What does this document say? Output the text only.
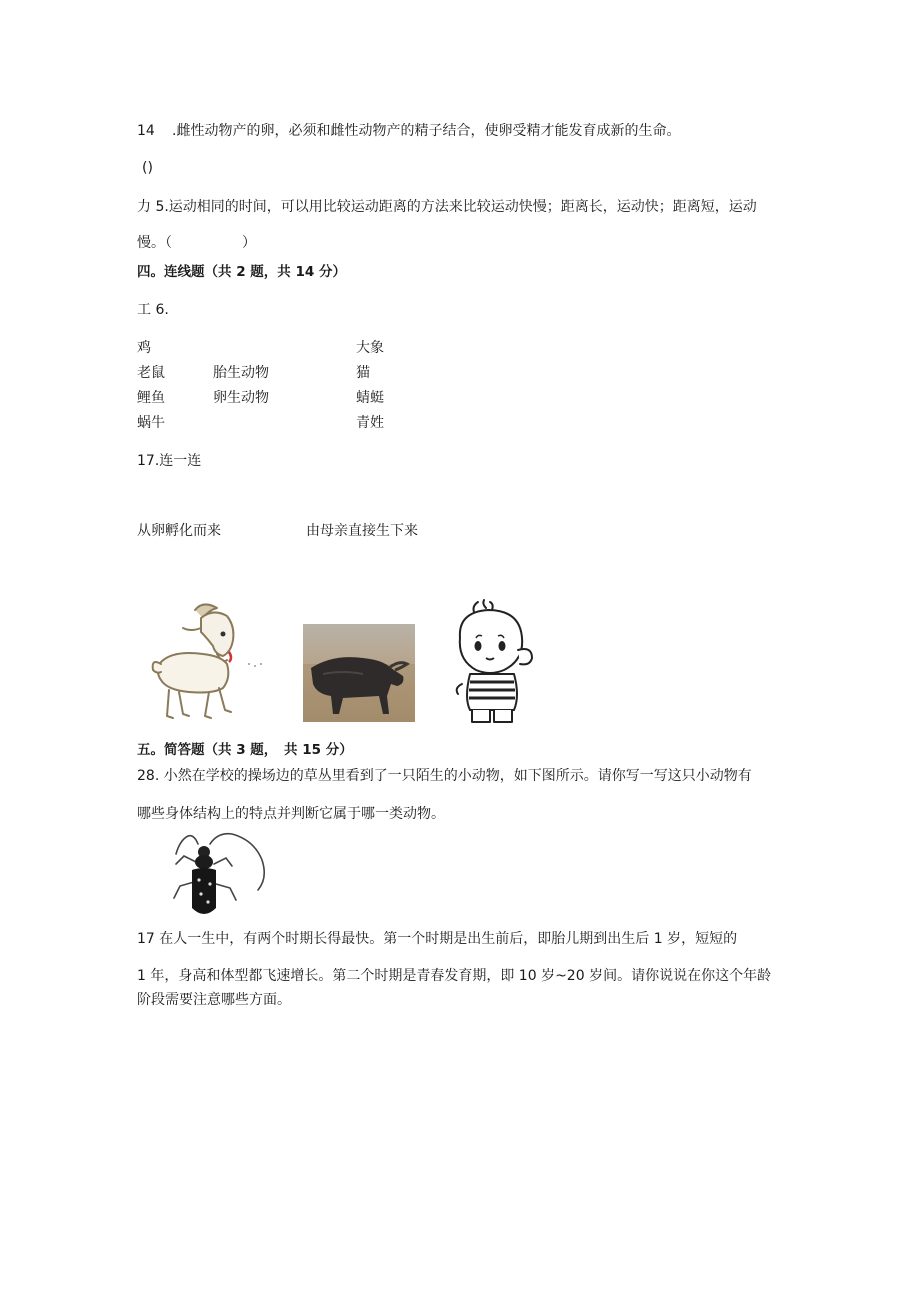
14 .雌性动物产的卵，必须和雌性动物产的精子结合，使卵受精才能发育成新的生命。
()
力 5.运动相同的时间，可以用比较运动距离的方法来比较运动快慢；距离长，运动快；距离短，运动
慢。（　　　　　）
四。连线题（共 2 题，共 14 分）
工 6.
鸡
老鼠
鲤鱼
蜗牛
胎生动物
卵生动物
大象
猫
蜻蜓
青姓
17.连一连
从卵孵化而来	由母亲直接生下来
五。简答题（共 3 题，　共 15 分）
28. 小然在学校的操场边的草丛里看到了一只陌生的小动物，如下图所示。请你写一写这只小动物有
哪些身体结构上的特点并判断它属于哪一类动物。
17 在人一生中，有两个时期长得最快。第一个时期是出生前后，即胎儿期到出生后 1 岁，短短的
1 年，身高和体型都飞速增长。第二个时期是青春发育期，即 10 岁~20 岁间。请你说说在你这个年龄
阶段需要注意哪些方面。
